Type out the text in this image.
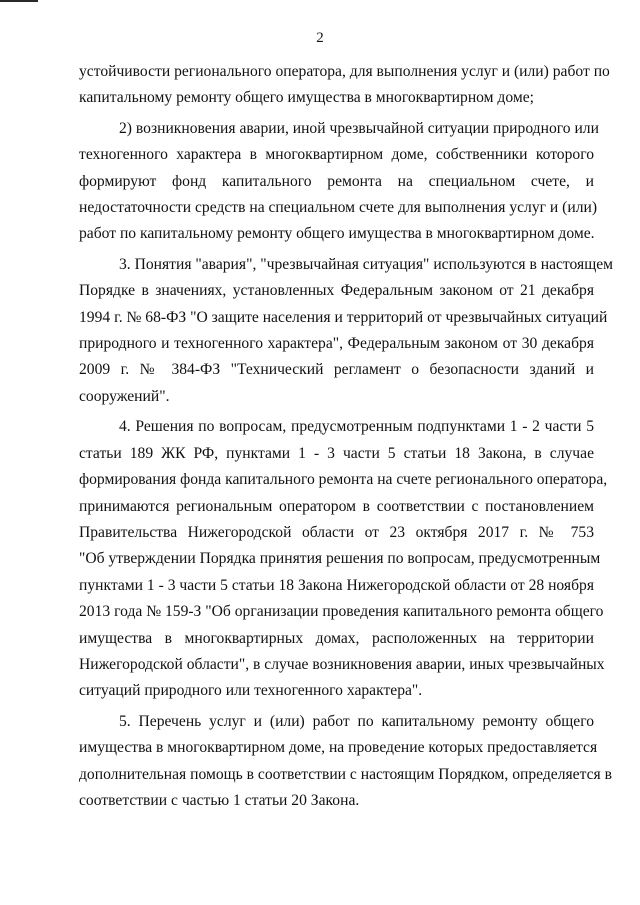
2
устойчивости регионального оператора, для выполнения услуг и (или) работ по
капитальному ремонту общего имущества в многоквартирном доме;
2) возникновения аварии, иной чрезвычайной ситуации природного или
техногенного характера в многоквартирном доме, собственники которого
формируют фонд капитального ремонта на специальном счете, и
недостаточности средств на специальном счете для выполнения услуг и (или)
работ по капитальному ремонту общего имущества в многоквартирном доме.
3. Понятия "авария", "чрезвычайная ситуация" используются в настоящем
Порядке в значениях, установленных Федеральным законом от 21 декабря
1994 г. № 68-ФЗ "О защите населения и территорий от чрезвычайных ситуаций
природного и техногенного характера", Федеральным законом от 30 декабря
2009 г. № 384-ФЗ "Технический регламент о безопасности зданий и
сооружений".
4. Решения по вопросам, предусмотренным подпунктами 1 - 2 части 5
статьи 189 ЖК РФ, пунктами 1 - 3 части 5 статьи 18 Закона, в случае
формирования фонда капитального ремонта на счете регионального оператора,
принимаются региональным оператором в соответствии с постановлением
Правительства Нижегородской области от 23 октября 2017 г. № 753
"Об утверждении Порядка принятия решения по вопросам, предусмотренным
пунктами 1 - 3 части 5 статьи 18 Закона Нижегородской области от 28 ноября
2013 года № 159-З "Об организации проведения капитального ремонта общего
имущества в многоквартирных домах, расположенных на территории
Нижегородской области", в случае возникновения аварии, иных чрезвычайных
ситуаций природного или техногенного характера".
5. Перечень услуг и (или) работ по капитальному ремонту общего
имущества в многоквартирном доме, на проведение которых предоставляется
дополнительная помощь в соответствии с настоящим Порядком, определяется в
соответствии с частью 1 статьи 20 Закона.
